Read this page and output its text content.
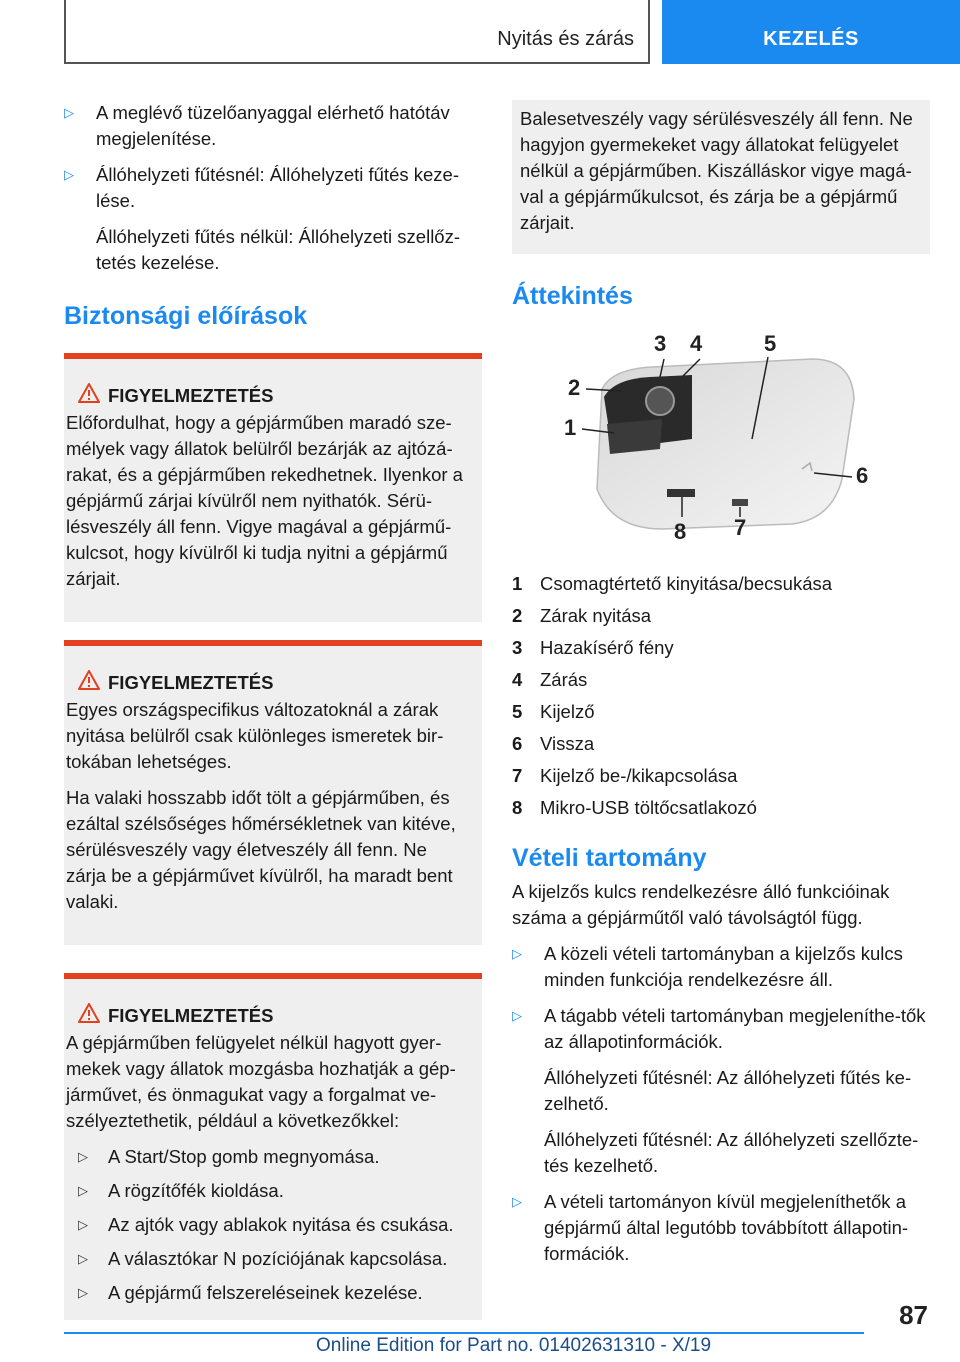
Nyitás és zárás	KEZELÉS
▷	A meglévő tüzelőanyaggal elérhető hatótáv megjelenítése.
▷	Állóhelyzeti fűtésnél: Állóhelyzeti fűtés keze-lése.
Állóhelyzeti fűtés nélkül: Állóhelyzeti szellőz-tetés kezelése.
Biztonsági előírások
FIGYELMEZTETÉS

Előfordulhat, hogy a gépjárműben maradó sze-mélyek vagy állatok belülről bezárják az ajtózá-rakat, és a gépjárműben rekedhetnek. Ilyenkor a gépjármű zárjai kívülről nem nyithatók. Sérü-lésveszély áll fenn. Vigye magával a gépjármű-kulcsot, hogy kívülről ki tudja nyitni a gépjármű zárjait.

FIGYELMEZTETÉS

Egyes országspecifikus változatoknál a zárak nyitása belülről csak különleges ismeretek bir-tokában lehetséges.

Ha valaki hosszabb időt tölt a gépjárműben, és ezáltal szélsőséges hőmérsékletnek van kitéve, sérülésveszély vagy életveszély áll fenn. Ne zárja be a gépjárművet kívülről, ha maradt bent valaki.

FIGYELMEZTETÉS

A gépjárműben felügyelet nélkül hagyott gyer-mekek vagy állatok mozgásba hozhatják a gép-járművet, és önmagukat vagy a forgalmat ve-szélyeztethetik, például a következőkkel:

▷	A Start/Stop gomb megnyomása.
▷	A rögzítőfék kioldása.
▷	Az ajtók vagy ablakok nyitása és csukása.
▷	A választókar N pozíciójának kapcsolása.
▷	A gépjármű felszereléseinek kezelése.
Balesetveszély vagy sérülésveszély áll fenn. Ne hagyjon gyermekeket vagy állatokat felügyelet nélkül a gépjárműben. Kiszálláskor vigye magá-val a gépjárműkulcsot, és zárja be a gépjármű zárjait.
Áttekintés
3 4	5
2
1
6
8 7
1 Csomagtértető kinyitása/becsukása
2 Zárak nyitása
3 Hazakísérő fény
4 Zárás
5 Kijelző
6 Vissza
7 Kijelző be-/kikapcsolása
8 Mikro-USB töltőcsatlakozó
Vételi tartomány
A kijelzős kulcs rendelkezésre álló funkcióinak száma a gépjárműtől való távolságtól függ.
▷	A közeli vételi tartományban a kijelzős kulcs minden funkciója rendelkezésre áll.
▷	A tágabb vételi tartományban megjeleníthe-tők az állapotinformációk.
Állóhelyzeti fűtésnél: Az állóhelyzeti fűtés ke-zelhető.
Állóhelyzeti fűtésnél: Az állóhelyzeti szellőzte-tés kezelhető.
▷	A vételi tartományon kívül megjeleníthetők a gépjármű által legutóbb továbbított állapotin-formációk.
87
Online Edition for Part no. 01402631310 - X/19
